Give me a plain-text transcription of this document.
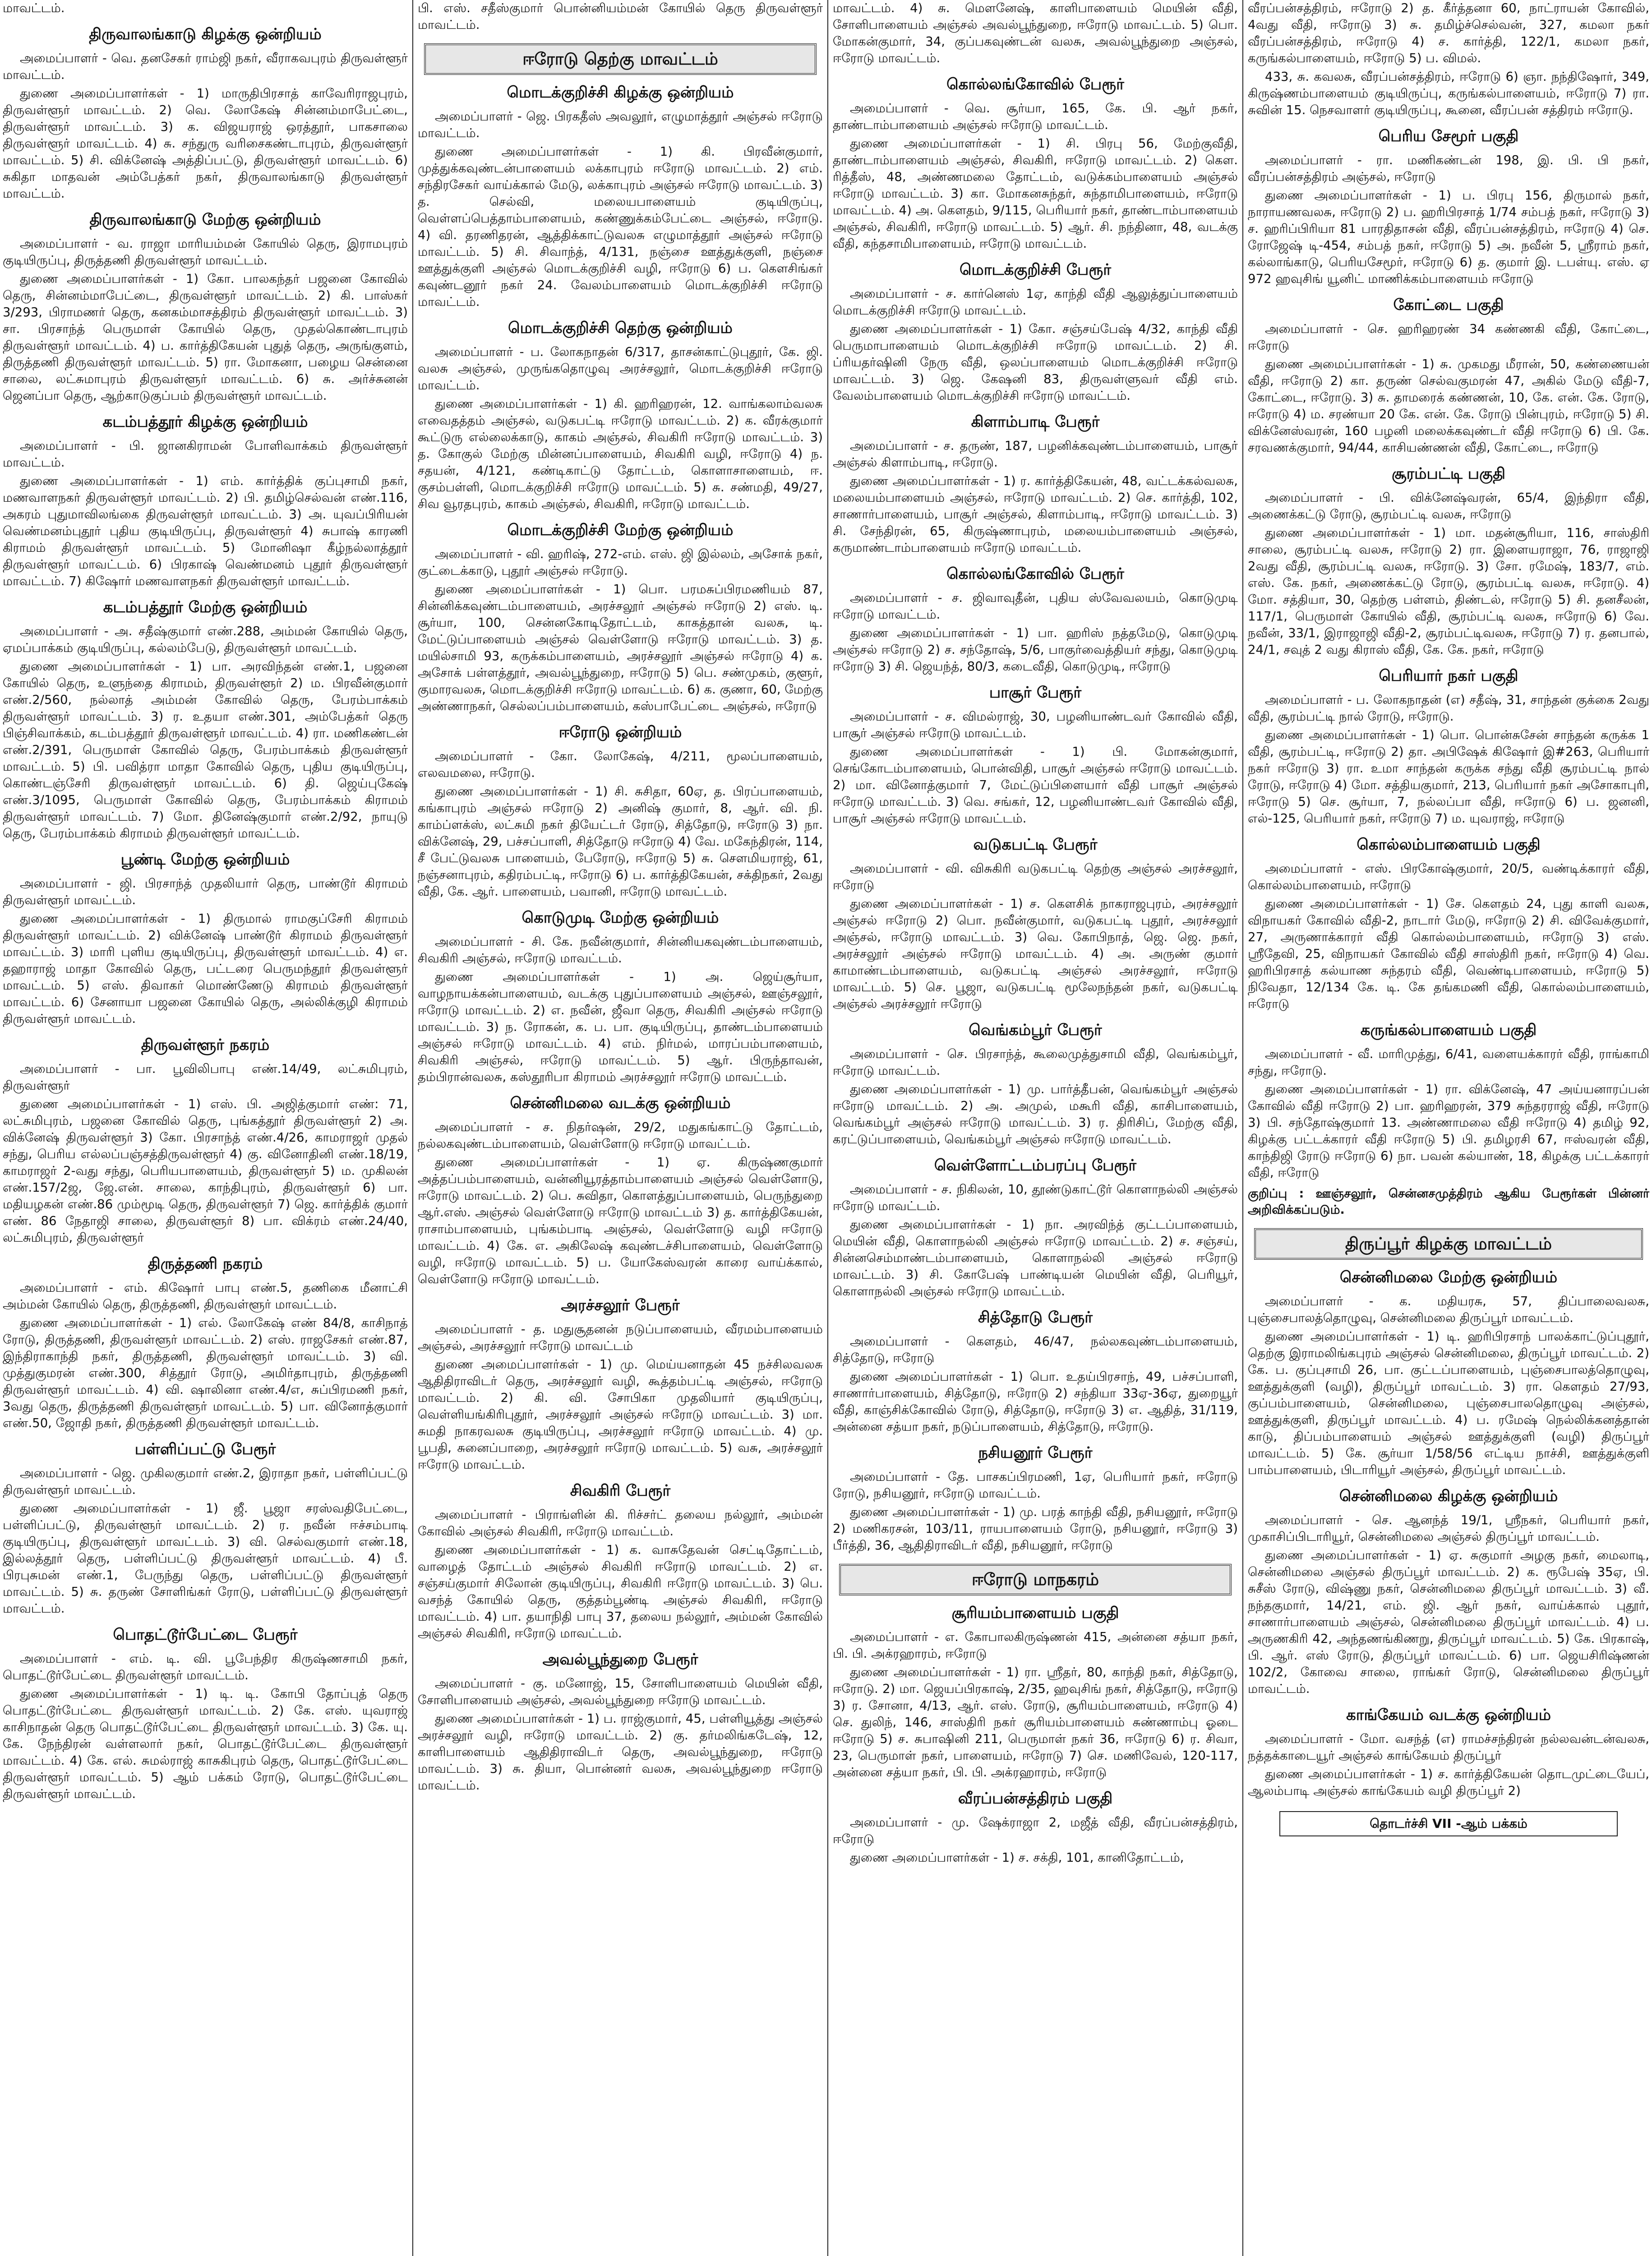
மாவட்டம்.
திருவாலங்காடு கிழக்கு ஒன்றியம்
அமைப்பாளர் - வெ. தனசேகர் ராம்ஜி நகர், வீராகவபுரம் திருவள்ளூர் மாவட்டம்.
துணை அமைப்பாளர்கள் - 1) மாருதிபிரசாத் காவேரிராஜபுரம், திருவள்ளூர் மாவட்டம். 2) வெ. லோகேஷ் சின்னம்மாபேட்டை, திருவள்ளூர் மாவட்டம். 3) க. விஜயராஜ் ஒரத்தூர், பாகசாலை திருவள்ளூர் மாவட்டம். 4) சு. சந்துரு வரிசைகண்டாபுரம், திருவள்ளூர் மாவட்டம். 5) சி. விக்னேஷ் அத்திப்பட்டு, திருவள்ளூர் மாவட்டம். 6) சுகிதா மாதவன் அம்பேத்கர் நகர், திருவாலங்காடு திருவள்ளூர் மாவட்டம்.
திருவாலங்காடு மேற்கு ஒன்றியம்
அமைப்பாளர் - வ. ராஜா மாரியம்மன் கோயில் தெரு, இராமபுரம் குடியிருப்பு, திருத்தணி திருவள்ளூர் மாவட்டம்.
துணை அமைப்பாளர்கள் - 1) கோ. பாலகந்தர் பஜனை கோவில் தெரு, சின்னம்மாபேட்டை, திருவள்ளூர் மாவட்டம். 2) கி. பாஸ்கர் 3/293, பிராமணர் தெரு, கனகம்மாசத்திரம் திருவள்ளூர் மாவட்டம். 3) சா. பிரசாந்த் பெருமாள் கோயில் தெரு, முதல்கொண்டாபுரம் திருவள்ளூர் மாவட்டம். 4) ப. கார்த்திகேயன் புதுத் தெரு, அருங்குளம், திருத்தணி திருவள்ளூர் மாவட்டம். 5) ரா. மோகனா, பழைய சென்னை சாலை, லட்சுமாபுரம் திருவள்ளூர் மாவட்டம். 6) சு. அர்ச்சுனன் ஜெனப்பா தெரு, ஆற்காடுகுப்பம் திருவள்ளூர் மாவட்டம்.
கடம்பத்தூர் கிழக்கு ஒன்றியம்
அமைப்பாளர் - பி. ஜானகிராமன் போளிவாக்கம் திருவள்ளூர் மாவட்டம்.
துணை அமைப்பாளர்கள் - 1) எம். கார்த்திக் குப்புசாமி நகர், மணவாளநகர் திருவள்ளூர் மாவட்டம். 2) பி. தமிழ்செல்வன் எண்.116, அகரம் புதுமாவிலங்கை திருவள்ளூர் மாவட்டம். 3) அ. யுவப்பிரியன் வெண்மனம்புதூர் புதிய குடியிருப்பு, திருவள்ளூர் 4) சுபாஷ் காரணி கிராமம் திருவள்ளூர் மாவட்டம். 5) மோனிஷா கீழ்நல்லாத்தூர் திருவள்ளூர் மாவட்டம். 6) பிரகாஷ் வெண்மனம் புதூர் திருவள்ளூர் மாவட்டம். 7) கிஷோர் மணவாளநகர் திருவள்ளூர் மாவட்டம்.
கடம்பத்தூர் மேற்கு ஒன்றியம்
அமைப்பாளர் - அ. சதீஷ்குமார் எண்.288, அம்மன் கோயில் தெரு, ஏமப்பாக்கம் குடியிருப்பு, கல்லம்பேடு, திருவள்ளூர் மாவட்டம்.
துணை அமைப்பாளர்கள் - 1) பா. அரவிந்தன் எண்.1, பஜனை கோயில் தெரு, உளுந்தை கிராமம், திருவள்ளூர் 2) ம. பிரவீன்குமார் எண்.2/560, நல்லாத் அம்மன் கோவில் தெரு, பேரம்பாக்கம் திருவள்ளூர் மாவட்டம். 3) ர. உதயா எண்.301, அம்பேத்கர் தெரு பிஞ்சிவாக்கம், கடம்பத்தூர் திருவள்ளூர் மாவட்டம். 4) ரா. மணிகண்டன் எண்.2/391, பெருமாள் கோவில் தெரு, பேரம்பாக்கம் திருவள்ளூர் மாவட்டம். 5) பி. பவித்ரா மாதா கோவில் தெரு, புதிய குடியிருப்பு, கொண்டஞ்சேரி திருவள்ளூர் மாவட்டம். 6) தி. ஜெய்புகேஷ் எண்.3/1095, பெருமாள் கோவில் தெரு, பேரம்பாக்கம் கிராமம் திருவள்ளூர் மாவட்டம். 7) மோ. தினேஷ்குமார் எண்.2/92, நாயுடு தெரு, பேரம்பாக்கம் கிராமம் திருவள்ளூர் மாவட்டம்.
பூண்டி மேற்கு ஒன்றியம்
அமைப்பாளர் - ஜி. பிரசாந்த் முதலியார் தெரு, பாண்டூர் கிராமம் திருவள்ளூர் மாவட்டம்.
துணை அமைப்பாளர்கள் - 1) திருமால் ராமகுப்சேரி கிராமம் திருவள்ளூர் மாவட்டம். 2) விக்னேஷ் பாண்டூர் கிராமம் திருவள்ளூர் மாவட்டம். 3) மாரி புளிய குடியிருப்பு, திருவள்ளூர் மாவட்டம். 4) எ. தஹாராஜ் மாதா கோவில் தெரு, பட்டரை பெருமந்தூர் திருவள்ளூர் மாவட்டம். 5) எஸ். திவாகர் மொண்ணேடு கிராமம் திருவள்ளூர் மாவட்டம். 6) சேனாயா பஜனை கோயில் தெரு, அல்லிக்குழி கிராமம் திருவள்ளூர் மாவட்டம்.
திருவள்ளூர் நகரம்
அமைப்பாளர் - பா. பூவிலிபாபு எண்.14/49, லட்சுமிபுரம், திருவள்ளூர்
துணை அமைப்பாளர்கள் - 1) எஸ். பி. அஜித்குமார் எண்: 71, லட்சுமிபுரம், பஜனை கோவில் தெரு, புங்கத்தூர் திருவள்ளூர் 2) அ. விக்னேஷ் திருவள்ளூர் 3) கோ. பிரசாந்த் எண்.4/26, காமராஜர் முதல் சந்து, பெரிய எல்லப்பஞ்சத்திருவள்ளூர் 4) கு. வினோதினி எண்.18/19, காமராஜர் 2-வது சந்து, பெரியபாளையம், திருவள்ளூர் 5) ம. முகிலன் எண்.157/2ஜ, ஜே.என். சாலை, காந்திபுரம், திருவள்ளூர் 6) பா. மதியழகன் எண்.86 மும்மூடி தெரு, திருவள்ளூர் 7) ஜெ. கார்த்திக் குமார் எண். 86 நேதாஜி சாலை, திருவள்ளூர் 8) பா. விக்ரம் எண்.24/40, லட்சுமிபுரம், திருவள்ளூர்
திருத்தணி நகரம்
அமைப்பாளர் - எம். கிஷோர் பாபு எண்.5, தணிகை மீனாட்சி அம்மன் கோயில் தெரு, திருத்தணி, திருவள்ளூர் மாவட்டம்.
துணை அமைப்பாளர்கள் - 1) எல். லோகேஷ் எண் 84/8, காசிநாத் ரோடு, திருத்தணி, திருவள்ளூர் மாவட்டம். 2) எஸ். ராஜசேகர் எண்.87, இந்திராகாந்தி நகர், திருத்தணி, திருவள்ளூர் மாவட்டம். 3) வி. முத்துகுமரன் எண்.300, சித்தூர் ரோடு, அமிர்தாபுரம், திருத்தணி திருவள்ளூர் மாவட்டம். 4) வி. ஷாலினா எண்.4/எ, சுப்பிரமணி நகர், 3வது தெரு, திருத்தணி திருவள்ளூர் மாவட்டம். 5) பா. வினோத்குமார் எண்.50, ஜோதி நகர், திருத்தணி திருவள்ளூர் மாவட்டம்.
பள்ளிப்பட்டு பேரூர்
அமைப்பாளர் - ஜெ. முகிலகுமார் எண்.2, இராதா நகர், பள்ளிப்பட்டு திருவள்ளூர் மாவட்டம்.
துணை அமைப்பாளர்கள் - 1) ஜீ. பூஜா சரஸ்வதிபேட்டை, பள்ளிப்பட்டு, திருவள்ளூர் மாவட்டம். 2) ர. நவீன் ஈச்சம்பாடி குடியிருப்பு, திருவள்ளூர் மாவட்டம். 3) வி. செல்வகுமார் எண்.18, இல்லத்தூர் தெரு, பள்ளிப்பட்டு திருவள்ளூர் மாவட்டம். 4) பீ. பிரபுசுமன் எண்.1, பேருந்து தெரு, பள்ளிப்பட்டு திருவள்ளூர் மாவட்டம். 5) சு. தருண் சோளிங்கர் ரோடு, பள்ளிப்பட்டு திருவள்ளூர் மாவட்டம்.
பொதட்டூர்பேட்டை பேரூர்
அமைப்பாளர் - எம். டி. வி. பூபேந்திர கிருஷ்ணசாமி நகர், பொதட்டூர்பேட்டை திருவள்ளூர் மாவட்டம்.
துணை அமைப்பாளர்கள் - 1) டி. டி. கோபி தோப்புத் தெரு பொதட்டூர்பேட்டை திருவள்ளூர் மாவட்டம். 2) கே. எஸ். யுவராஜ் காசிநாதன் தெரு பொதட்டூர்பேட்டை திருவள்ளூர் மாவட்டம். 3) கே. யு. கே. நேந்திரன் வள்ளலார் நகர், பொதட்டூர்பேட்டை திருவள்ளூர் மாவட்டம். 4) கே. எல். சுமல்ராஜ் காசுகிபுரம் தெரு, பொதட்டூர்பேட்டை திருவள்ளூர் மாவட்டம். 5) ஆம் பக்கம் ரோடு, பொதட்டூர்பேட்டை திருவள்ளூர் மாவட்டம்.
பி. எஸ். சதீஸ்குமார் பொன்னியம்மன் கோயில் தெரு திருவள்ளூர் மாவட்டம்.
ஈரோடு தெற்கு மாவட்டம்
மொடக்குறிச்சி கிழக்கு ஒன்றியம்
அமைப்பாளர் - ஜெ. பிரகதீஸ் அவலூர், எழுமாத்தூர் அஞ்சல் ஈரோடு மாவட்டம்.
துணை அமைப்பாளர்கள் - 1) கி. பிரவீன்குமார், முத்துக்கவுண்டன்பாளையம் லக்காபுரம் ஈரோடு மாவட்டம். 2) எம். சந்திரசேகர் வாய்க்கால் மேடு, லக்காபுரம் அஞ்சல் ஈரோடு மாவட்டம். 3) த. செல்வி, மலையபாளையம் குடியிருப்பு, வெள்ளப்பெத்தாம்பாளையம், கண்ணுக்கம்பேட்டை அஞ்சல், ஈரோடு. 4) வி. தரணிதரன், ஆத்திக்காட்டுவலசு எழுமாத்தூர் அஞ்சல் ஈரோடு மாவட்டம். 5) சி. சிவாந்த், 4/131, நஞ்சை ஊத்துக்குளி, நஞ்சை ஊத்துக்குளி அஞ்சல் மொடக்குறிச்சி வழி, ஈரோடு 6) ப. கௌசிங்கர் கவுண்டனூர் நகர் 24. வேலம்பாளையம் மொடக்குறிச்சி ஈரோடு மாவட்டம்.
மொடக்குறிச்சி தெற்கு ஒன்றியம்
அமைப்பாளர் - ப. லோகநாதன் 6/317, தாசன்காட்டுபுதூர், கே. ஜி. வலசு அஞ்சல், முருங்கதொழுவு அரச்சலூர், மொடக்குறிச்சி ஈரோடு மாவட்டம்.
துணை அமைப்பாளர்கள் - 1) கி. ஹரிஹரன், 12. வாங்கலாம்வலசு எவைதத்தம் அஞ்சல், வடுகபட்டி ஈரோடு மாவட்டம். 2) க. வீரக்குமார் கூட்டுரு எல்லைக்காடு, காகம் அஞ்சல், சிவகிரி ஈரோடு மாவட்டம். 3) த. கோகுல் மேற்கு மின்னப்பாளையம், சிவகிரி வழி, ஈரோடு 4) ந. சதயன், 4/121, கண்டிகாட்டு தோட்டம், கொளாசாளையம், ஈ. குசம்பள்ளி, மொடக்குறிச்சி ஈரோடு மாவட்டம். 5) சு. சண்மதி, 49/27, சிவ வூரதபுரம், காகம் அஞ்சல், சிவகிரி, ஈரோடு மாவட்டம்.
மொடக்குறிச்சி மேற்கு ஒன்றியம்
அமைப்பாளர் - வி. ஹரிஷ், 272-எம். எஸ். ஜி இல்லம், அசோக் நகர், குட்டைக்காடு, புதூர் அஞ்சல் ஈரோடு.
துணை அமைப்பாளர்கள் - 1) பொ. பரமசுப்பிரமணியம் 87, சின்னிக்கவுண்டம்பாளையம், அரச்சலூர் அஞ்சல் ஈரோடு 2) எஸ். டி. சூர்யா, 100, சென்னகோடிதோட்டம், காகத்தான் வலசு, டி. மேட்டுப்பாளையம் அஞ்சல் வெள்ளோடு ஈரோடு மாவட்டம். 3) த. மயில்சாமி 93, கருக்கம்பாளையம், அரச்சலூர் அஞ்சல் ஈரோடு 4) க. அசோக் பள்ளத்தூர், அவல்பூந்துறை, ஈரோடு 5) பெ. சண்முகம், குளூர், குமாரவலசு, மொடக்குறிச்சி ஈரோடு மாவட்டம். 6) க. குணா, 60, மேற்கு அண்ணாநகர், செல்லப்பம்பாளையம், கஸ்பாபேட்டை அஞ்சல், ஈரோடு
ஈரோடு ஒன்றியம்
அமைப்பாளர் - கோ. லோகேஷ், 4/211, மூலப்பாளையம், எலவமலை, ஈரோடு.
துணை அமைப்பாளர்கள் - 1) சி. சுசிதா, 60ஏ, த. பிரப்பாளையம், கங்காபுரம் அஞ்சல் ஈரோடு 2) அனிஷ் குமார், 8, ஆர். வி. நி. காம்ப்ளக்ஸ், லட்சுமி நகர் தியேட்டர் ரோடு, சித்தோடு, ஈரோடு 3) நா. விக்னேஷ், 29, பச்சப்பாளி, சித்தோடு ஈரோடு 4) வே. மகேந்திரன், 114, சீ பேட்டுவலசு பாளையம், பேரோடு, ஈரோடு 5) சு. சௌமியராஜ், 61, நஞ்சனாபுரம், கதிரம்பட்டி, ஈரோடு 6) ப. கார்த்திகேயன், சக்திநகர், 2வது வீதி, கே. ஆர். பாளையம், பவானி, ஈரோடு மாவட்டம்.
கொடுமுடி மேற்கு ஒன்றியம்
அமைப்பாளர் - சி. கே. நவீன்குமார், சின்னியகவுண்டம்பாளையம், சிவகிரி அஞ்சல், ஈரோடு மாவட்டம்.
துணை அமைப்பாளர்கள் - 1) அ. ஜெய்சூர்யா, வாழநாயக்கன்பாளையம், வடக்கு புதுப்பாளையம் அஞ்சல், ஊஞ்சலூர், ஈரோடு மாவட்டம். 2) எ. நவீன், ஜீவா தெரு, சிவகிரி அஞ்சல் ஈரோடு மாவட்டம். 3) ந. ரோகன், க. ப. பா. குடியிருப்பு, தாண்டம்பாளையம் அஞ்சல் ஈரோடு மாவட்டம். 4) எம். நிர்மல், மாரப்பம்பாளையம், சிவகிரி அஞ்சல், ஈரோடு மாவட்டம். 5) ஆர். பிருந்தாவன், தம்பிரான்வலசு, கஸ்தூரிபா கிராமம் அரச்சலூர் ஈரோடு மாவட்டம்.
சென்னிமலை வடக்கு ஒன்றியம்
அமைப்பாளர் - ச. நிதர்ஷன், 29/2, மதுகங்காட்டு தோட்டம், நல்லகவுண்டம்பாளையம், வெள்ளோடு ஈரோடு மாவட்டம்.
துணை அமைப்பாளர்கள் - 1) ஏ. கிருஷ்ணகுமார் அத்தப்பம்பாளையம், வன்னியூரத்தாம்பாளையம் அஞ்சல் வெள்ளோடு, ஈரோடு மாவட்டம். 2) பெ. சுவிதா, கொளத்துப்பாளையம், பெருந்துறை ஆர்.எஸ். அஞ்சல் வெள்ளோடு ஈரோடு மாவட்டம் 3) த. கார்த்திகேயன், ராசாம்பாளையம், புங்கம்பாடி அஞ்சல், வெள்ளோடு வழி ஈரோடு மாவட்டம். 4) கே. எ. அகிலேஷ் கவுண்டச்சிபாளையம், வெள்ளோடு வழி, ஈரோடு மாவட்டம். 5) ப. யோகேஸ்வரன் காரை வாய்க்கால், வெள்ளோடு ஈரோடு மாவட்டம்.
அரச்சலூர் பேரூர்
அமைப்பாளர் - த. மதுசூதனன் நடுப்பாளையம், வீரமம்பாளையம் அஞ்சல், அரச்சலூர் ஈரோடு மாவட்டம்
துணை அமைப்பாளர்கள் - 1) மு. மெய்யனாதன் 45 நச்சிலவலசு ஆதிதிராவிடர் தெரு, அரச்சலூர் வழி, கூத்தம்பட்டி அஞ்சல், ஈரோடு மாவட்டம். 2) கி. வி. சோபிகா முதலியார் குடியிருப்பு, வெள்ளியங்கிரிபுதூர், அரச்சலூர் அஞ்சல் ஈரோடு மாவட்டம். 3) மா. சுமதி நாகரவலசு குடியிருப்பு, அரச்சலூர் ஈரோடு மாவட்டம். 4) மு. பூபதி, சுனைப்பாறை, அரச்சலூர் ஈரோடு மாவட்டம். 5) வசு, அரச்சலூர் ஈரோடு மாவட்டம்.
சிவகிரி பேரூர்
அமைப்பாளர் - பிராங்ளின் கி. ரிச்சர்ட் தலைய நல்லூர், அம்மன் கோவில் அஞ்சல் சிவகிரி, ஈரோடு மாவட்டம்.
துணை அமைப்பாளர்கள் - 1) க. வாசுதேவன் செட்டிதோட்டம், வாழைத் தோட்டம் அஞ்சல் சிவகிரி ஈரோடு மாவட்டம். 2) எ. சஞ்சய்குமார் சிலோன் குடியிருப்பு, சிவகிரி ஈரோடு மாவட்டம். 3) பெ. வசந்த் கோயில் தெரு, குத்தம்பூண்டி அஞ்சல் சிவகிரி, ஈரோடு மாவட்டம். 4) பா. தயாநிதி பாபு 37, தலைய நல்லூர், அம்மன் கோவில் அஞ்சல் சிவகிரி, ஈரோடு மாவட்டம்.
அவல்பூந்துறை பேரூர்
அமைப்பாளர் - கு. மனோஜ், 15, சோளிபாளையம் மெயின் வீதி, சோளிபாளையம் அஞ்சல், அவல்பூந்துறை ஈரோடு மாவட்டம்.
துணை அமைப்பாளர்கள் - 1) ப. ராஜ்குமார், 45, பள்ளியூத்து அஞ்சல் அரச்சலூர் வழி, ஈரோடு மாவட்டம். 2) கு. தர்மலிங்கடேஷ், 12, காளிபாளையம் ஆதிதிராவிடர் தெரு, அவல்பூந்துறை, ஈரோடு மாவட்டம். 3) சு. தியா, பொன்னர் வலசு, அவல்பூந்துறை ஈரோடு மாவட்டம்.
மாவட்டம். 4) சு. மௌனேஷ், காளிபாளையம் மெயின் வீதி, சோளிபாளையம் அஞ்சல் அவல்பூந்துறை, ஈரோடு மாவட்டம். 5) பொ. மோகன்குமார், 34, குப்பகவுண்டன் வலசு, அவல்பூந்துறை அஞ்சல், ஈரோடு மாவட்டம்.
கொல்லங்கோவில் பேரூர்
அமைப்பாளர் - வெ. சூர்யா, 165, கே. பி. ஆர் நகர், தாண்டாம்பாளையம் அஞ்சல் ஈரோடு மாவட்டம்.
துணை அமைப்பாளர்கள் - 1) சி. பிரபு 56, மேற்குவீதி, தாண்டாம்பாளையம் அஞ்சல், சிவகிரி, ஈரோடு மாவட்டம். 2) கௌ. ரித்தீஸ், 48, அண்ணமலை தோட்டம், வடுக்கம்பாளையம் அஞ்சல் ஈரோடு மாவட்டம். 3) கா. மோகனசுந்தர், சுந்தாமிபாளையம், ஈரோடு மாவட்டம். 4) அ. கௌதம், 9/115, பெரியார் நகர், தாண்டாம்பாளையம் அஞ்சல், சிவகிரி, ஈரோடு மாவட்டம். 5) ஆர். சி. நந்தினா, 48, வடக்கு வீதி, கந்தசாமிபாளையம், ஈரோடு மாவட்டம்.
மொடக்குறிச்சி பேரூர்
அமைப்பாளர் - ச. கார்னெஸ் 1ஏ, காந்தி வீதி ஆலுத்துப்பாளையம் மொடக்குறிச்சி ஈரோடு மாவட்டம்.
துணை அமைப்பாளர்கள் - 1) கோ. சஞ்சய்பேஷ் 4/32, காந்தி வீதி பெருமாபாளையம் மொடக்குறிச்சி ஈரோடு மாவட்டம். 2) சி. ப்ரியதர்ஷினி நேரு வீதி, ஒலப்பாளையம் மொடக்குறிச்சி ஈரோடு மாவட்டம். 3) ஜெ. கேஷனி 83, திருவள்ளுவர் வீதி எம். வேலம்பாளையம் மொடக்குறிச்சி ஈரோடு மாவட்டம்.
கிளாம்பாடி பேரூர்
அமைப்பாளர் - ச. தருண், 187, பழனிக்கவுண்டம்பாளையம், பாசூர் அஞ்சல் கிளாம்பாடி, ஈரோடு.
துணை அமைப்பாளர்கள் - 1) ர. கார்த்திகேயன், 48, வட்டக்கல்வலசு, மலையம்பாளையம் அஞ்சல், ஈரோடு மாவட்டம். 2) செ. கார்த்தி, 102, சாணார்பாளையம், பாசூர் அஞ்சல், கிளாம்பாடி, ஈரோடு மாவட்டம். 3) சி. சேந்திரன், 65, கிருஷ்ணாபுரம், மலையம்பாளையம் அஞ்சல், கருமாண்டாம்பாளையம் ஈரோடு மாவட்டம்.
கொல்லங்கோவில் பேரூர்
அமைப்பாளர் - ச. ஜிவாவுதீன், புதிய ஸ்வேவலயம், கொடுமுடி ஈரோடு மாவட்டம்.
துணை அமைப்பாளர்கள் - 1) பா. ஹரிஸ் நத்தமேடு, கொடுமுடி அஞ்சல் ஈரோடு 2) ச. சந்தோஷ், 5/6, பாகுர்வைத்தியர் சந்து, கொடுமுடி ஈரோடு 3) சி. ஜெயந்த், 80/3, கடைவீதி, கொடுமுடி, ஈரோடு
பாசூர் பேரூர்
அமைப்பாளர் - ச. விமல்ராஜ், 30, பழனியாண்டவர் கோவில் வீதி, பாசூர் அஞ்சல் ஈரோடு மாவட்டம்.
துணை அமைப்பாளர்கள் - 1) பி. மோகன்குமார், செங்கோடம்பாளையம், பொன்விதி, பாசூர் அஞ்சல் ஈரோடு மாவட்டம். 2) மா. வினோத்குமார் 7, மேட்டுப்பிளையார் வீதி பாசூர் அஞ்சல் ஈரோடு மாவட்டம். 3) வெ. சங்கர், 12, பழனியாண்டவர் கோவில் வீதி, பாசூர் அஞ்சல் ஈரோடு மாவட்டம்.
வடுகபட்டி பேரூர்
அமைப்பாளர் - வி. விசுகிரி வடுகபட்டி தெற்கு அஞ்சல் அரச்சலூர், ஈரோடு
துணை அமைப்பாளர்கள் - 1) ச. கௌசிக் நாகராஜபுரம், அரச்சலூர் அஞ்சல் ஈரோடு 2) பொ. நவீன்குமார், வடுகபட்டி புதூர், அரச்சலூர் அஞ்சல், ஈரோடு மாவட்டம். 3) வெ. கோபிநாத், ஜெ. ஜெ. நகர், அரச்சலூர் அஞ்சல் ஈரோடு மாவட்டம். 4) அ. அருண் குமார் காமாண்டம்பாளையம், வடுகபட்டி அஞ்சல் அரச்சலூர், ஈரோடு மாவட்டம். 5) செ. பூஜா, வடுகபட்டி மூலேநந்தன் நகர், வடுகபட்டி அஞ்சல் அரச்சலூர் ஈரோடு
வெங்கம்பூர் பேரூர்
அமைப்பாளர் - செ. பிரசாந்த், கூலைமுத்துசாமி வீதி, வெங்கம்பூர், ஈரோடு மாவட்டம்.
துணை அமைப்பாளர்கள் - 1) மு. பார்த்தீபன், வெங்கம்பூர் அஞ்சல் ஈரோடு மாவட்டம். 2) அ. அமுல், மகூரி வீதி, காசிபாளையம், வெங்கம்பூர் அஞ்சல் ஈரோடு மாவட்டம். 3) ர. திரிசிப், மேற்கு வீதி, கரட்டுப்பாளையம், வெங்கம்பூர் அஞ்சல் ஈரோடு மாவட்டம்.
வெள்ளோட்டம்பரப்பு பேரூர்
அமைப்பாளர் - ச. நிகிலன், 10, தூண்டுகாட்டூர் கொளாநல்லி அஞ்சல் ஈரோடு மாவட்டம்.
துணை அமைப்பாளர்கள் - 1) நா. அரவிந்த் குட்டப்பாளையம், மெயின் வீதி, கொளாநல்லி அஞ்சல் ஈரோடு மாவட்டம். 2) ச. சஞ்சய், சின்னசெம்மாண்டம்பாளையம், கொளாநல்லி அஞ்சல் ஈரோடு மாவட்டம். 3) சி. கோபேஷ் பாண்டியன் மெயின் வீதி, பெரியூர், கொளாநல்லி அஞ்சல் ஈரோடு மாவட்டம்.
சித்தோடு பேரூர்
அமைப்பாளர் - கௌதம், 46/47, நல்லகவுண்டம்பாளையம், சித்தோடு, ஈரோடு
துணை அமைப்பாளர்கள் - 1) பொ. உதய்பிரசாந், 49, பச்சப்பாளி, சாணார்பாளையம், சித்தோடு, ஈரோடு 2) சந்தியா 33ஏ-36ஏ, துறையூர் வீதி, காஞ்சிக்கோவில் ரோடு, சித்தோடு, ஈரோடு 3) எ. ஆதித், 31/119, அன்னை சத்யா நகர், நடுப்பாளையம், சித்தோடு, ஈரோடு.
நசியனூர் பேரூர்
அமைப்பாளர் - தே. பாசகப்பிரமணி, 1ஏ, பெரியார் நகர், ஈரோடு ரோடு, நசியனூர், ஈரோடு மாவட்டம்.
துணை அமைப்பாளர்கள் - 1) மு. பரத் காந்தி வீதி, நசியனூர், ஈரோடு 2) மணிகரசன், 103/11, ராயபாளையம் ரோடு, நசியனூர், ஈரோடு 3) பீர்த்தி, 36, ஆதிதிராவிடர் வீதி, நசியனூர், ஈரோடு
ஈரோடு மாநகரம்
சூரியம்பாளையம் பகுதி
அமைப்பாளர் - எ. கோபாலகிருஷ்ணன் 415, அன்னை சத்யா நகர், பி. பி. அக்ரஹாரம், ஈரோடு
துணை அமைப்பாளர்கள் - 1) ரா. ஸ்ரீதர், 80, காந்தி நகர், சித்தோடு, ஈரோடு. 2) மா. ஜெயப்பிரகாஷ், 2/35, ஹவுசிங் நகர், சித்தோடு, ஈரோடு 3) ர. சோனா, 4/13, ஆர். எஸ். ரோடு, சூரியம்பாளையம், ஈரோடு 4) செ. துலிந், 146, சாஸ்திரி நகர் சூரியம்பாளையம் சுண்ணாம்பு ஓடை ஈரோடு 5) ச. சுபாஷினி 211, பெருமாள் நகர் 36, ஈரோடு 6) ர. சிவா, 23, பெருமாள் நகர், பாளையம், ஈரோடு 7) செ. மணிவேல், 120-117, அன்னை சத்யா நகர், பி. பி. அக்ரஹாரம், ஈரோடு
வீரப்பன்சத்திரம் பகுதி
அமைப்பாளர் - மு. ஷேக்ராஜா 2, மஜீத் வீதி, வீரப்பன்சத்திரம், ஈரோடு
துணை அமைப்பாளர்கள் - 1) ச. சக்தி, 101, கானிதோட்டம்,
வீரப்பன்சத்திரம், ஈரோடு 2) த. கீர்த்தனா 60, நாட்ராயன் கோவில், 4வது வீதி, ஈரோடு 3) சு. தமிழ்ச்செல்வன், 327, கமலா நகர் வீரப்பன்சத்திரம், ஈரோடு 4) ச. கார்த்தி, 122/1, கமலா நகர், கருங்கல்பாளையம், ஈரோடு 5) ப. விமல்.
433, சு. கவலசு, வீரப்பன்சத்திரம், ஈரோடு 6) ஞா. நந்திஷோர், 349, கிருஷ்ணம்பாளையம் குடியிருப்பு, கருங்கல்பாளையம், ஈரோடு 7) ரா. சுவின் 15. நெசவாளர் குடியிருப்பு, கூனை, வீரப்பன் சத்திரம் ஈரோடு.
பெரிய சேமூர் பகுதி
அமைப்பாளர் - ரா. மணிகண்டன் 198, இ. பி. பி நகர், வீரப்பன்சத்திரம் அஞ்சல், ஈரோடு
துணை அமைப்பாளர்கள் - 1) ப. பிரபு 156, திருமால் நகர், நாராயணவலசு, ஈரோடு 2) ப. ஹரிபிரசாத் 1/74 சம்பத் நகர், ஈரோடு 3) ச. ஹரிப்பிரியா 81 பாரதிதாசன் வீதி, வீரப்பன்சத்திரம், ஈரோடு 4) செ. ரோஜேஷ் டி-454, சம்பத் நகர், ஈரோடு 5) அ. நவீன் 5, ஸ்ரீராம் நகர், கல்லாங்காடு, பெரியசேமூர், ஈரோடு 6) த. குமார் இ. டபள்யு. எஸ். ஏ 972 ஹவுசிங் யூனிட் மாணிக்கம்பாளையம் ஈரோடு
கோட்டை பகுதி
அமைப்பாளர் - செ. ஹரிஹரண் 34 கண்ணகி வீதி, கோட்டை, ஈரோடு
துணை அமைப்பாளர்கள் - 1) சு. முகமது மீரான், 50, கண்ணையன் வீதி, ஈரோடு 2) கா. தருண் செல்வகுமரன் 47, அகில் மேடு வீதி-7, கோட்டை, ஈரோடு. 3) சு. தாமரைக் கண்ணன், 10, கே. என். கே. ரோடு, ஈரோடு 4) ம. சரண்யா 20 கே. என். கே. ரோடு பின்புரம், ஈரோடு 5) சி. விக்னேஸ்வரன், 160 பழனி மலைக்கவுண்டர் வீதி ஈரோடு 6) பி. கே. சரவணக்குமார், 94/44, காசியண்ணன் வீதி, கோட்டை, ஈரோடு
சூரம்பட்டி பகுதி
அமைப்பாளர் - பி. விக்னேஷ்வரன், 65/4, இந்திரா வீதி, அணைக்கட்டு ரோடு, சூரம்பட்டி வலசு, ஈரோடு
துணை அமைப்பாளர்கள் - 1) மா. மதன்சூரியா, 116, சாஸ்திரி சாலை, சூரம்பட்டி வலசு, ஈரோடு 2) ரா. இளையராஜா, 76, ராஜாஜி 2வது வீதி, சூரம்பட்டி வலசு, ஈரோடு. 3) சோ. ரமேஷ், 183/7, எம். எஸ். கே. நகர், அணைக்கட்டு ரோடு, சூரம்பட்டி வலசு, ஈரோடு. 4) மோ. சத்தியா, 30, தெற்கு பள்ளம், திண்டல், ஈரோடு 5) சி. தனசீலன், 117/1, பெருமாள் கோயில் வீதி, சூரம்பட்டி வலசு, ஈரோடு 6) வே. நவீன், 33/1, இராஜாஜி வீதி-2, சூரம்பட்டிவலசு, ஈரோடு 7) ர. தனபால், 24/1, சவுத் 2 வது கிராஸ் வீதி, கே. கே. நகர், ஈரோடு
பெரியார் நகர் பகுதி
அமைப்பாளர் - ப. லோகநாதன் (எ) சதீஷ், 31, சாந்தன் குக்கை 2வது வீதி, சூரம்பட்டி நால் ரோடு, ஈரோடு.
துணை அமைப்பாளர்கள் - 1) பொ. பொன்சுசேன் சாந்தன் கருக்க 1 வீதி, சூரம்பட்டி, ஈரோடு 2) தா. அபிஷேக் கிஷோர் இ#263, பெரியார் நகர் ஈரோடு 3) ரா. உமா சாந்தன் கருக்க சந்து வீதி சூரம்பட்டி நால் ரோடு, ஈரோடு 4) மோ. சத்தியகுமார், 213, பெரியார் நகர் அசோகாபுரி, ஈரோடு 5) செ. சூர்யா, 7, நல்லப்பா வீதி, ஈரோடு 6) ப. ஜனனி, எல்-125, பெரியார் நகர், ஈரோடு 7) ம. யுவராஜ், ஈரோடு
கொல்லம்பாளையம் பகுதி
அமைப்பாளர் - எஸ். பிரகோஷ்குமார், 20/5, வண்டிக்காரர் வீதி, கொல்லம்பாளையம், ஈரோடு
துணை அமைப்பாளர்கள் - 1) சே. கௌதம் 24, புது காளி வலசு, விநாயகர் கோவில் வீதி-2, நாடார் மேடு, ஈரோடு 2) சி. விவேக்குமார், 27, அருணாக்காரர் வீதி கொல்லம்பாளையம், ஈரோடு 3) எஸ். ஸ்ரீதேவி, 25, விநாயகர் கோவில் வீதி சாஸ்திரி நகர், ஈரோடு 4) வெ. ஹரிபிரசாத் கல்யாண சுந்தரம் வீதி, வெண்டிபாளையம், ஈரோடு 5) நிவேதா, 12/134 கே. டி. கே தங்கமணி வீதி, கொல்லம்பாளையம், ஈரோடு
கருங்கல்பாளையம் பகுதி
அமைப்பாளர் - வீ. மாரிமுத்து, 6/41, வளையக்காரர் வீதி, ராங்காமி சந்து, ஈரோடு.
துணை அமைப்பாளர்கள் - 1) ரா. விக்னேஷ், 47 அய்யனாரப்பன் கோவில் வீதி ஈரோடு 2) பா. ஹரிஹரன், 379 சுந்தரராஜ் வீதி, ஈரோடு 3) பி. சந்தோஷ்குமார் 13. அண்ணாமலை வீதி ஈரோடு 4) தமிழ் 92, கிழக்கு பட்டக்காரர் வீதி ஈரோடு 5) பி. தமிழரசி 67, ஈஸ்வரன் வீதி, காந்திஜி ரோடு ஈரோடு 6) நா. பவன் கல்யாண், 18, கிழக்கு பட்டக்காரர் வீதி, ஈரோடு
குறிப்பு : ஊஞ்சலூர், சென்னசமுத்திரம் ஆகிய பேரூர்கள் பின்னர் அறிவிக்கப்படும்.
திருப்பூர் கிழக்கு மாவட்டம்
சென்னிமலை மேற்கு ஒன்றியம்
அமைப்பாளர் - க. மதியரசு, 57, திப்பாலைவலசு, புஞ்சைபாலத்தொழுவு, சென்னிமலை திருப்பூர் மாவட்டம்.
துணை அமைப்பாளர்கள் - 1) டி. ஹரிபிரசாந் பாலக்காட்டுப்புதூர், தெற்கு இராமலிங்கபுரம் அஞ்சல் சென்னிமலை, திருப்பூர் மாவட்டம். 2) கே. ப. குப்புசாமி 26, பா. குட்டப்பாளையம், புஞ்சைபாலத்தொழுவு, ஊத்துக்குளி (வழி), திருப்பூர் மாவட்டம். 3) ரா. கௌதம் 27/93, குப்பம்பாளையம், சென்னிமலை, புஞ்சைபாலதொழுவு அஞ்சல், ஊத்துக்குளி, திருப்பூர் மாவட்டம். 4) ப. ரமேஷ் நெல்லிக்கனத்தான் காடு, திப்பம்பாளையம் அஞ்சல் ஊத்துக்குளி (வழி) திருப்பூர் மாவட்டம். 5) கே. சூர்யா 1/58/56 எட்டிய நாச்சி, ஊத்துக்குளி பாம்பாளையம், பிடாரியூர் அஞ்சல், திருப்பூர் மாவட்டம்.
சென்னிமலை கிழக்கு ஒன்றியம்
அமைப்பாளர் - செ. ஆனந்த் 19/1, ஸ்ரீநகர், பெரியார் நகர், முகாசிப்பிடாரியூர், சென்னிமலை அஞ்சல் திருப்பூர் மாவட்டம்.
துணை அமைப்பாளர்கள் - 1) ஏ. சுகுமார் அழகு நகர், மைலாடி, சென்னிமலை அஞ்சல் திருப்பூர் மாவட்டம். 2) க. ரூபேஷ் 35ஏ, பி. சுசீஸ் ரோடு, விஷ்ணு நகர், சென்னிமலை திருப்பூர் மாவட்டம். 3) வீ. நந்தகுமார், 14/21, எம். ஜி. ஆர் நகர், வாய்க்கால் புதூர், சாணார்பாளையம் அஞ்சல், சென்னிமலை திருப்பூர் மாவட்டம். 4) ப. அருணகிரி 42, அந்தணங்கிணறு, திருப்பூர் மாவட்டம். 5) கே. பிரகாஷ், பி. ஆர். எஸ் ரோடு, திருப்பூர் மாவட்டம். 6) பா. ஜெயசிரிஷ்ணன் 102/2, கோவை சாலை, ராங்கர் ரோடு, சென்னிமலை திருப்பூர் மாவட்டம்.
காங்கேயம் வடக்கு ஒன்றியம்
அமைப்பாளர் - மோ. வசந்த் (எ) ராமச்சந்திரன் நல்லவன்டன்வலசு, நத்தக்காடையூர் அஞ்சல் காங்கேயம் திருப்பூர்
துணை அமைப்பாளர்கள் - 1) ச. கார்த்திகேயன் தொடமுட்டையேப், ஆலம்பாடி அஞ்சல் காங்கேயம் வழி திருப்பூர் 2)
தொடர்ச்சி VII -ஆம் பக்கம்
